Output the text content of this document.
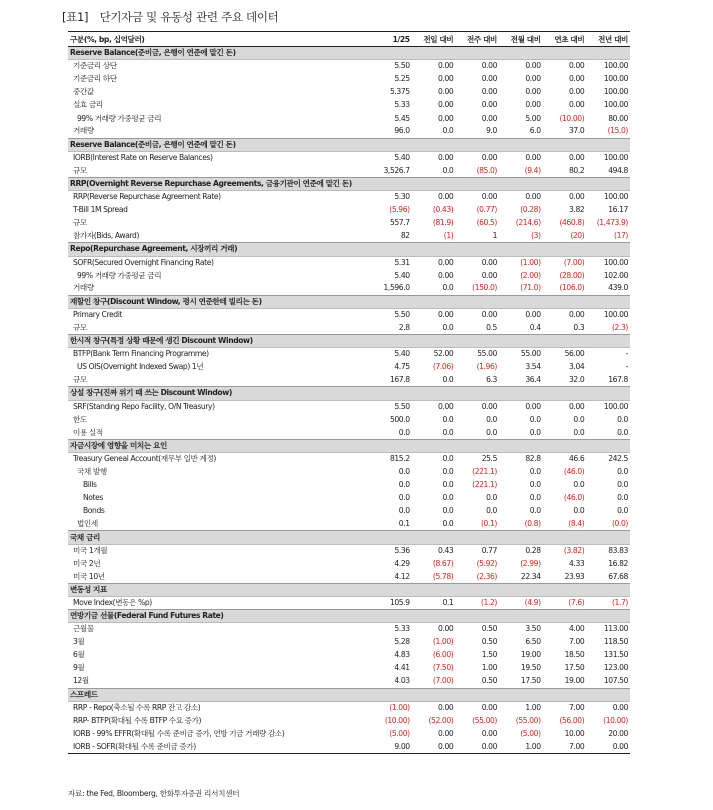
[표1] 단기자금 및 유동성 관련 주요 데이터
구분(%, bp, 십억달러)	1/25	전일 대비	전주 대비	전월 대비	연초 대비	전년 대비
Reserve Balance(준비금, 은행이 연준에 맡긴 돈)						
기준금리 상단	5.50	0.00	0.00	0.00	0.00	100.00
기준금리 하단	5.25	0.00	0.00	0.00	0.00	100.00
중간값	5.375	0.00	0.00	0.00	0.00	100.00
실효 금리	5.33	0.00	0.00	0.00	0.00	100.00
99% 거래량 가중평균 금리	5.45	0.00	0.00	5.00	(10.00)	80.00
거래량	96.0	0.0	9.0	6.0	37.0	(15.0)
Reserve Balance(준비금, 은행이 연준에 맡긴 돈)						
IORB(Interest Rate on Reserve Balances)	5.40	0.00	0.00	0.00	0.00	100.00
규모	3,526.7	0.0	(85.0)	(9.4)	80.2	494.8
RRP(Overnight Reverse Repurchase Agreements, 금융기관이 연준에 맡긴 돈)						
RRP(Reverse Repurchase Agreement Rate)	5.30	0.00	0.00	0.00	0.00	100.00
T-Bill 1M Spread	(5.96)	(0.43)	(0.77)	(0.28)	3.82	16.17
규모	557.7	(81.9)	(60.5)	(214.6)	(460.8)	(1,473.9)
참가자(Bids, Award)	82	(1)	1	(3)	(20)	(17)
Repo(Repurchase Agreement, 시장끼리 거래)						
SOFR(Secured Overnight Financing Rate)	5.31	0.00	0.00	(1.00)	(7.00)	100.00
99% 거래량 가중평균 금리	5.40	0.00	0.00	(2.00)	(28.00)	102.00
거래량	1,596.0	0.0	(150.0)	(71.0)	(106.0)	439.0
재할인 창구(Discount Window, 평시 연준한테 빌리는 돈)						
Primary Credit	5.50	0.00	0.00	0.00	0.00	100.00
규모	2.8	0.0	0.5	0.4	0.3	(2.3)
한시적 창구(특정 상황 때문에 생긴 Discount Window)						
BTFP(Bank Term Financing Programme)	5.40	52.00	55.00	55.00	56.00	-
US OIS(Overnight Indexed Swap) 1년	4.75	(7.06)	(1.96)	3.54	3.04	-
규모	167.8	0.0	6.3	36.4	32.0	167.8
상설 창구(진짜 위기 때 쓰는 Discount Window)						
SRF(Standing Repo Facility, O/N Treasury)	5.50	0.00	0.00	0.00	0.00	100.00
한도	500.0	0.0	0.0	0.0	0.0	0.0
이용 실적	0.0	0.0	0.0	0.0	0.0	0.0
자금시장에 영향을 미치는 요인						
Treasury Geneal Account(재무부 일반 계정)	815.2	0.0	25.5	82.8	46.6	242.5
국채 발행	0.0	0.0	(221.1)	0.0	(46.0)	0.0
Bills	0.0	0.0	(221.1)	0.0	0.0	0.0
Notes	0.0	0.0	0.0	0.0	(46.0)	0.0
Bonds	0.0	0.0	0.0	0.0	0.0	0.0
법인세	0.1	0.0	(0.1)	(0.8)	(8.4)	(0.0)
국채 금리						
미국 1개월	5.36	0.43	0.77	0.28	(3.82)	83.83
미국 2년	4.29	(8.67)	(5.92)	(2.99)	4.33	16.82
미국 10년	4.12	(5.78)	(2.36)	22.34	23.93	67.68
변동성 지표						
Move Index(변동은 %p)	105.9	0.1	(1.2)	(4.9)	(7.6)	(1.7)
연방기금 선물(Federal Fund Futures Rate)						
근월물	5.33	0.00	0.50	3.50	4.00	113.00
3월	5.28	(1.00)	0.50	6.50	7.00	118.50
6월	4.83	(6.00)	1.50	19.00	18.50	131.50
9월	4.41	(7.50)	1.00	19.50	17.50	123.00
12월	4.03	(7.00)	0.50	17.50	19.00	107.50
스프레드						
RRP - Repo(축소될 수록 RRP 잔고 감소)	(1.00)	0.00	0.00	1.00	7.00	0.00
RRP- BTFP(확대될 수록 BTFP 수요 증가)	(10.00)	(52.00)	(55.00)	(55.00)	(56.00)	(10.00)
IORB - 99% EFFR(확대될 수록 준비금 증가, 연방 기금 거래량 감소)	(5.00)	0.00	0.00	(5.00)	10.00	20.00
IORB - SOFR(확대될 수록 준비금 증가)	9.00	0.00	0.00	1.00	7.00	0.00
자료: the Fed, Bloomberg, 한화투자증권 리서치센터
